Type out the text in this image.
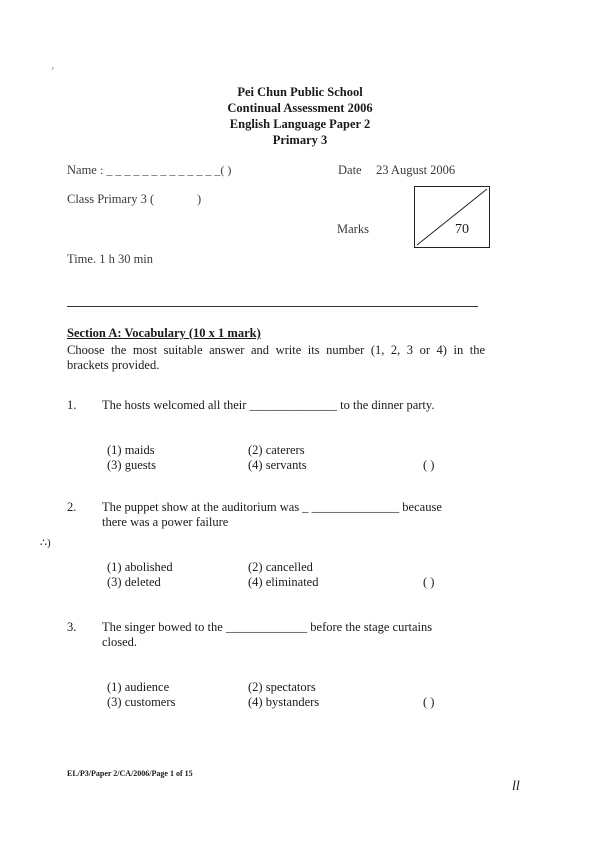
′
∴)
Pei Chun Public School
Continual Assessment 2006
English Language Paper 2
Primary 3
Name : _ _ _ _ _ _ _ _ _ _ _ _ _( )	Date 23 August 2006
Class Primary 3 (	)
Marks	70
Time. 1 h 30 min
Section A: Vocabulary (10 x 1 mark)
Choose the most suitable answer and write its number (1, 2, 3 or 4) in the
brackets provided.
1. The hosts welcomed all their ______________ to the dinner party.
(1) maids	(2) caterers
(3) guests	(4) servants	( )
2. The puppet show at the auditorium was _ ______________ because
there was a power failure
(1) abolished	(2) cancelled
(3) deleted	(4) eliminated	( )
3. The singer bowed to the _____________ before the stage curtains
closed.
(1) audience	(2) spectators
(3) customers	(4) bystanders	( )
EL/P3/Paper 2/CA/2006/Page 1 of 15
ll
